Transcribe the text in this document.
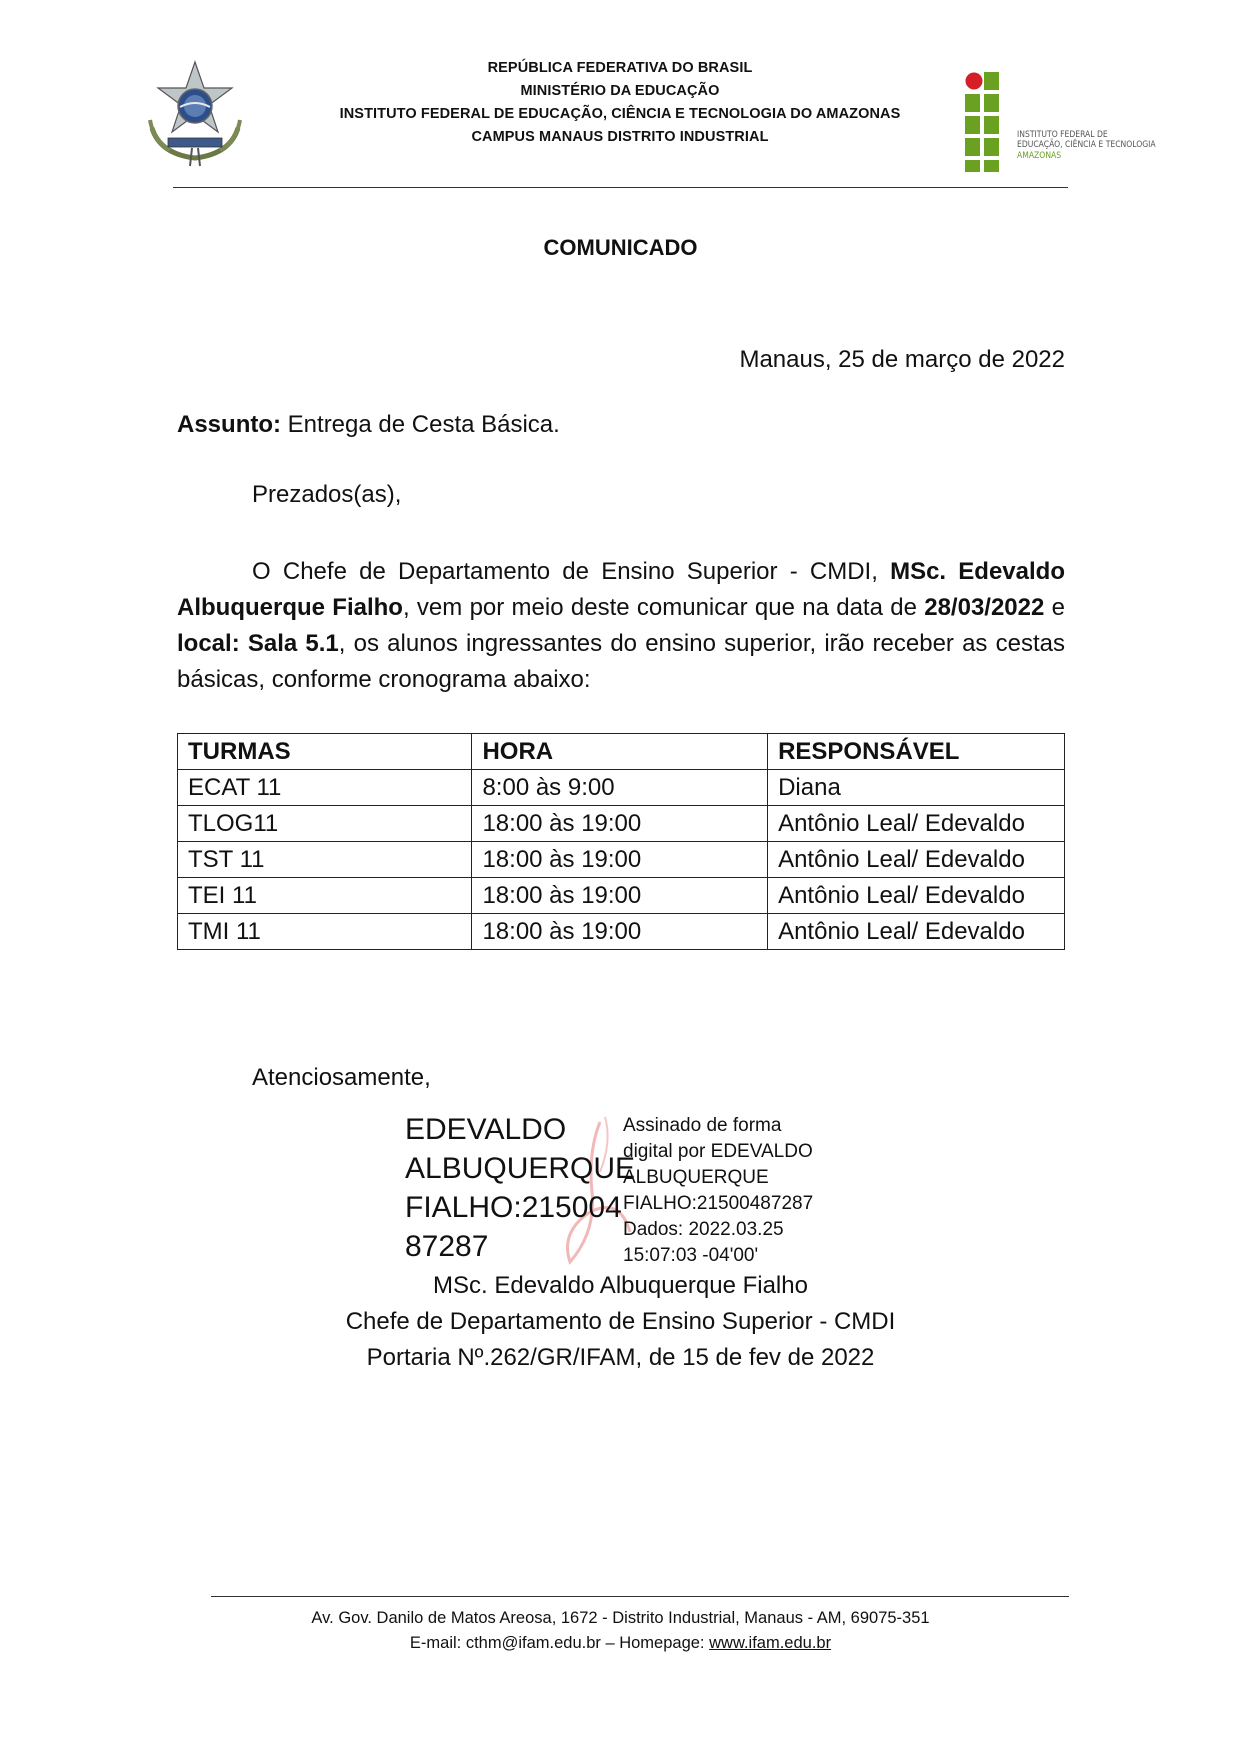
REPÚBLICA FEDERATIVA DO BRASIL
MINISTÉRIO DA EDUCAÇÃO
INSTITUTO FEDERAL DE EDUCAÇÃO, CIÊNCIA E TECNOLOGIA DO AMAZONAS
CAMPUS MANAUS DISTRITO INDUSTRIAL	INSTITUTO FEDERAL DE
EDUCAÇÃO, CIÊNCIA E TECNOLOGIA
AMAZONAS
COMUNICADO
Manaus, 25 de março de 2022
Assunto: Entrega de Cesta Básica.
Prezados(as),
O Chefe de Departamento de Ensino Superior - CMDI, MSc. Edevaldo Albuquerque Fialho, vem por meio deste comunicar que na data de 28/03/2022 e local: Sala 5.1, os alunos ingressantes do ensino superior, irão receber as cestas básicas, conforme cronograma abaixo:
TURMAS	HORA	RESPONSÁVEL
ECAT 11	8:00 às 9:00	Diana
TLOG11	18:00 às 19:00	Antônio Leal/ Edevaldo
TST 11	18:00 às 19:00	Antônio Leal/ Edevaldo
TEI 11	18:00 às 19:00	Antônio Leal/ Edevaldo
TMI 11	18:00 às 19:00	Antônio Leal/ Edevaldo
Atenciosamente,
EDEVALDO
ALBUQUERQUE
FIALHO:215004
87287
Assinado de forma
digital por EDEVALDO
ALBUQUERQUE
FIALHO:21500487287
Dados: 2022.03.25
15:07:03 -04'00'
MSc. Edevaldo Albuquerque Fialho
Chefe de Departamento de Ensino Superior - CMDI
Portaria Nº.262/GR/IFAM, de 15 de fev de 2022
Av. Gov. Danilo de Matos Areosa, 1672 - Distrito Industrial, Manaus - AM, 69075-351
E-mail: cthm@ifam.edu.br – Homepage: www.ifam.edu.br
